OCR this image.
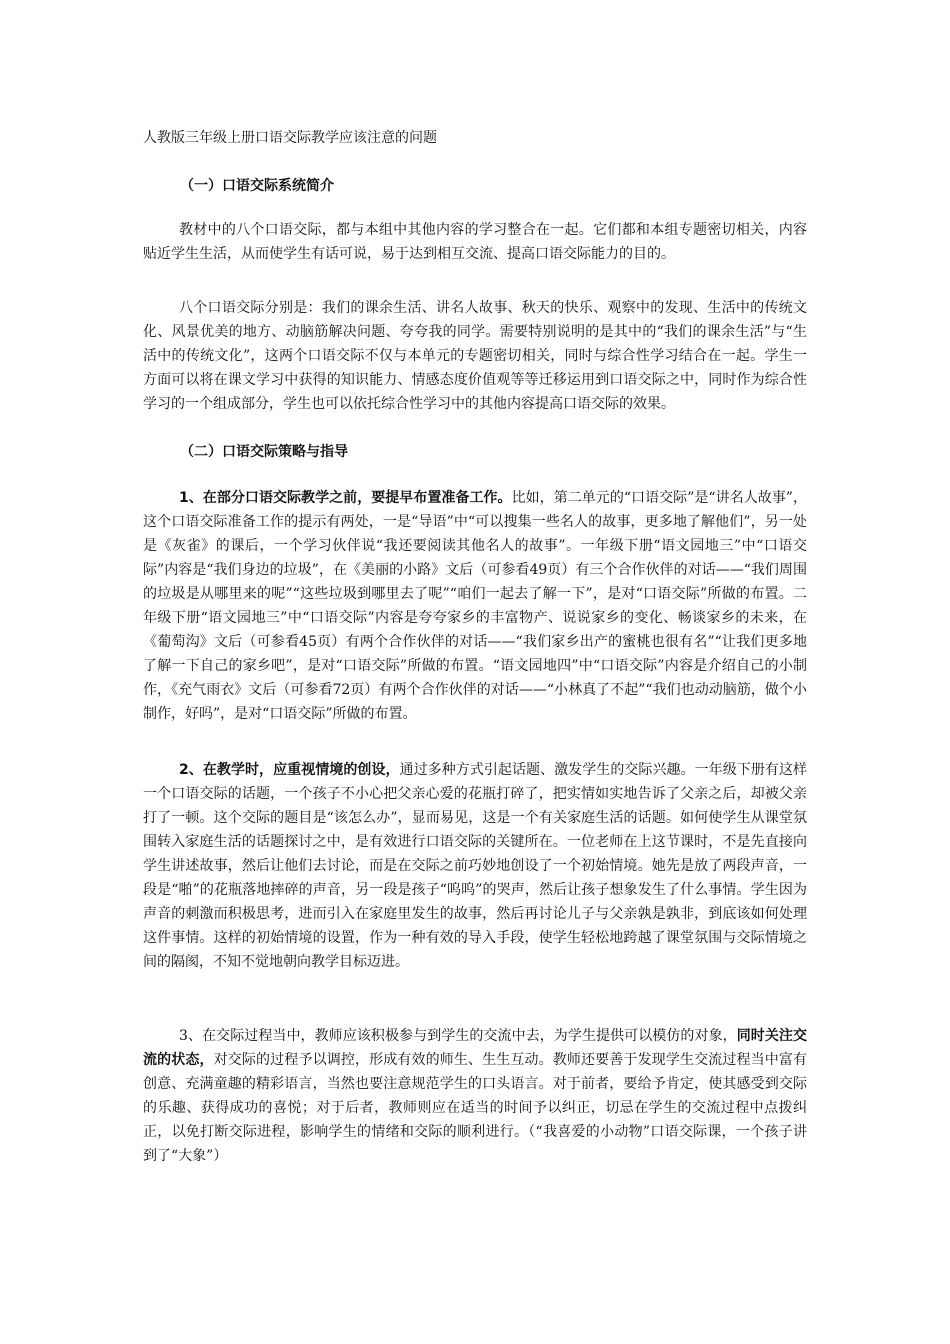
人教版三年级上册口语交际教学应该注意的问题

（一）口语交际系统简介

教材中的八个口语交际，都与本组中其他内容的学习整合在一起。它们都和本组专题密切相关，内容贴近学生生活，从而使学生有话可说，易于达到相互交流、提高口语交际能力的目的。

八个口语交际分别是：我们的课余生活、讲名人故事、秋天的快乐、观察中的发现、生活中的传统文化、风景优美的地方、动脑筋解决问题、夸夸我的同学。需要特别说明的是其中的“我们的课余生活”与“生活中的传统文化”，这两个口语交际不仅与本单元的专题密切相关，同时与综合性学习结合在一起。学生一方面可以将在课文学习中获得的知识能力、情感态度价值观等等迁移运用到口语交际之中，同时作为综合性学习的一个组成部分，学生也可以依托综合性学习中的其他内容提高口语交际的效果。

（二）口语交际策略与指导

1、在部分口语交际教学之前，要提早布置准备工作。比如，第二单元的“口语交际”是“讲名人故事”，这个口语交际准备工作的提示有两处，一是“导语”中“可以搜集一些名人的故事，更多地了解他们”，另一处是《灰雀》的课后，一个学习伙伴说“我还要阅读其他名人的故事”。一年级下册“语文园地三”中“口语交际”内容是“我们身边的垃圾”，在《美丽的小路》文后（可参看49页）有三个合作伙伴的对话——“我们周围的垃圾是从哪里来的呢”“这些垃圾到哪里去了呢”“咱们一起去了解一下”，是对“口语交际”所做的布置。二年级下册“语文园地三”中“口语交际”内容是夸夸家乡的丰富物产、说说家乡的变化、畅谈家乡的未来，在《葡萄沟》文后（可参看45页）有两个合作伙伴的对话——“我们家乡出产的蜜桃也很有名”“让我们更多地了解一下自己的家乡吧”，是对“口语交际”所做的布置。“语文园地四”中“口语交际”内容是介绍自己的小制作，《充气雨衣》文后（可参看72页）有两个合作伙伴的对话——“小林真了不起”“我们也动动脑筋，做个小制作，好吗”，是对“口语交际”所做的布置。

2、在教学时，应重视情境的创设，通过多种方式引起话题、激发学生的交际兴趣。一年级下册有这样一个口语交际的话题，一个孩子不小心把父亲心爱的花瓶打碎了，把实情如实地告诉了父亲之后，却被父亲打了一顿。这个交际的题目是“该怎么办”，显而易见，这是一个有关家庭生活的话题。如何使学生从课堂氛围转入家庭生活的话题探讨之中，是有效进行口语交际的关键所在。一位老师在上这节课时，不是先直接向学生讲述故事，然后让他们去讨论，而是在交际之前巧妙地创设了一个初始情境。她先是放了两段声音，一段是“啪”的花瓶落地摔碎的声音，另一段是孩子“呜呜”的哭声，然后让孩子想象发生了什么事情。学生因为声音的刺激而积极思考，进而引入在家庭里发生的故事，然后再讨论儿子与父亲孰是孰非，到底该如何处理这件事情。这样的初始情境的设置，作为一种有效的导入手段，使学生轻松地跨越了课堂氛围与交际情境之间的隔阂，不知不觉地朝向教学目标迈进。

3、在交际过程当中，教师应该积极参与到学生的交流中去，为学生提供可以模仿的对象，同时关注交流的状态，对交际的过程予以调控，形成有效的师生、生生互动。教师还要善于发现学生交流过程当中富有创意、充满童趣的精彩语言，当然也要注意规范学生的口头语言。对于前者，要给予肯定，使其感受到交际的乐趣、获得成功的喜悦；对于后者，教师则应在适当的时间予以纠正，切忌在学生的交流过程中点拨纠正，以免打断交际进程，影响学生的情绪和交际的顺利进行。（“我喜爱的小动物”口语交际课，一个孩子讲到了“大象”）
